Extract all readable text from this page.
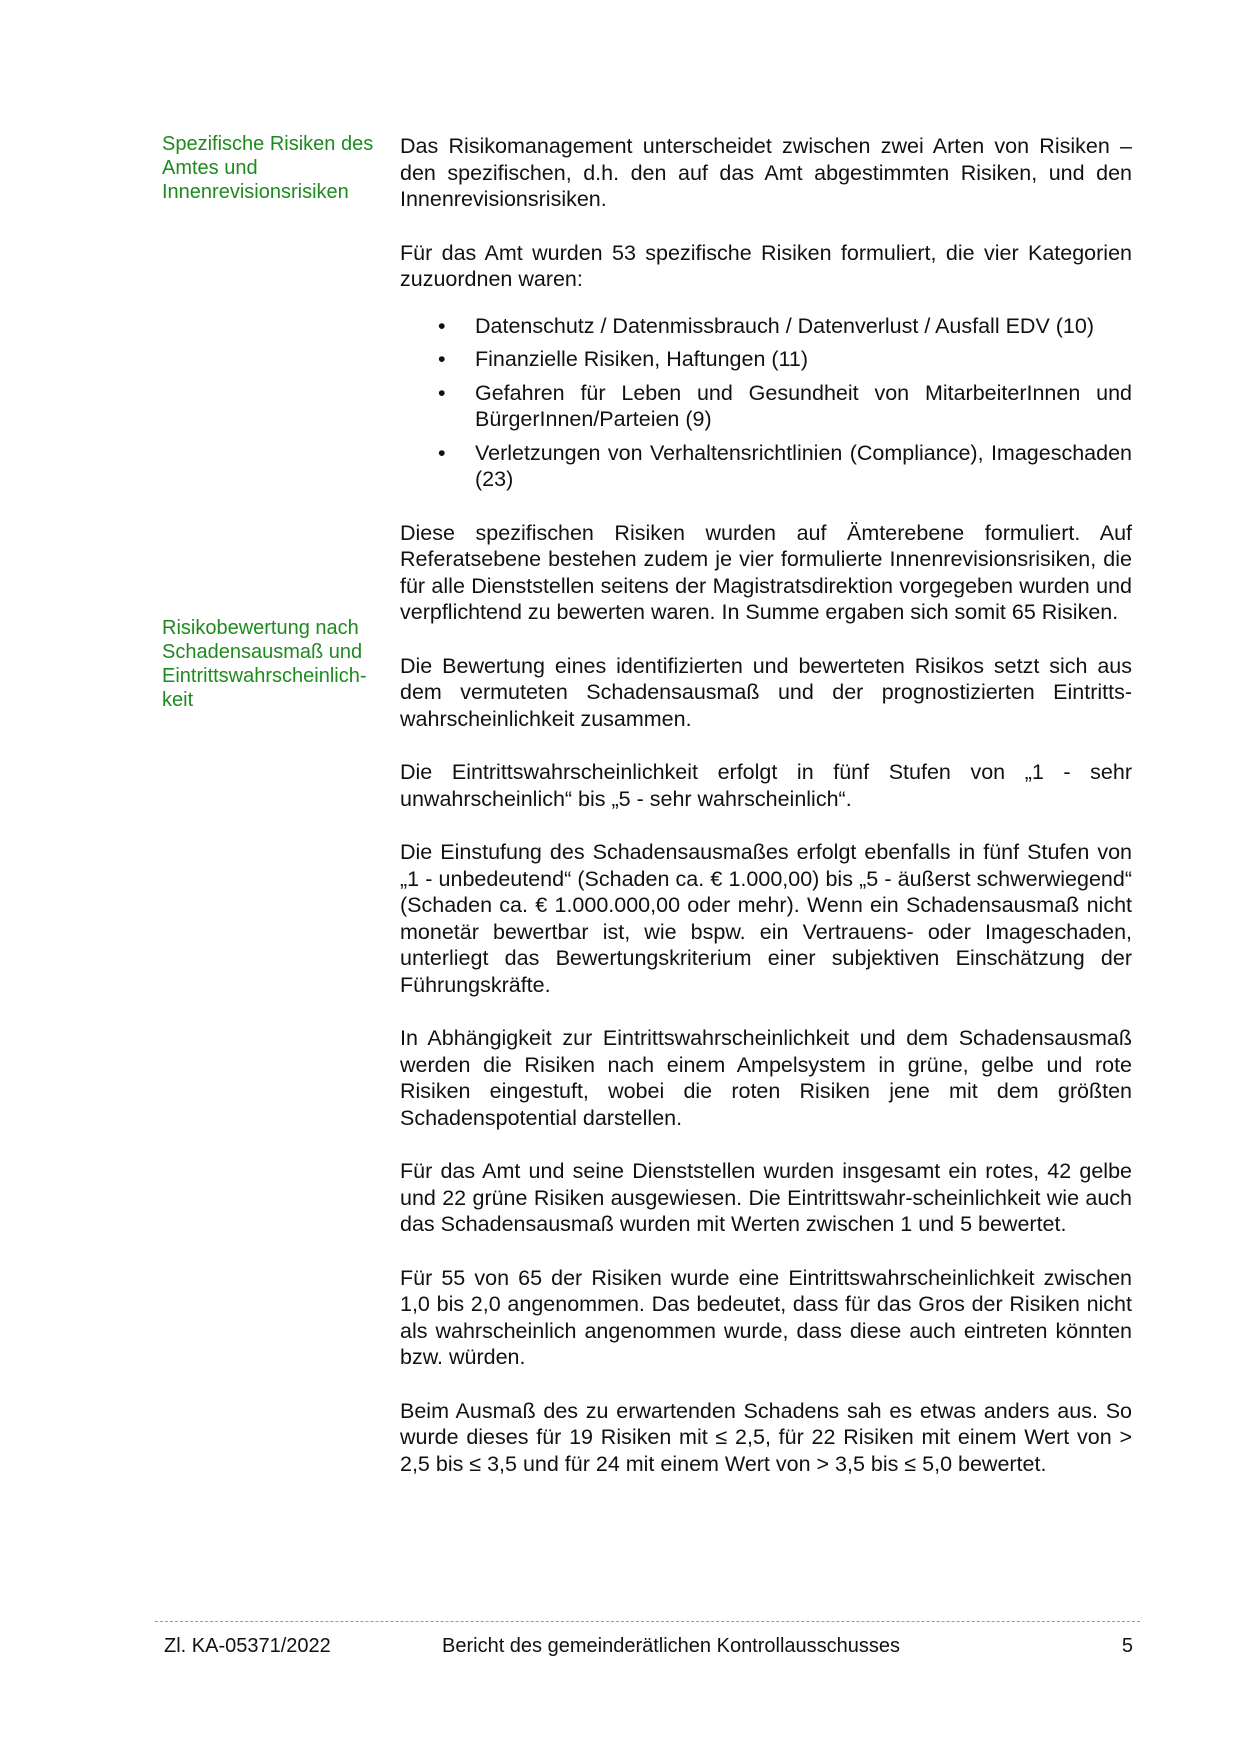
Spezifische Risiken des Amtes und Innenrevisionsrisiken
Risikobewertung nach Schadensausmaß und Eintrittswahrscheinlich-keit

Das Risikomanagement unterscheidet zwischen zwei Arten von Risiken – den spezifischen, d.h. den auf das Amt abgestimmten Risiken, und den Innenrevisionsrisiken.

Für das Amt wurden 53 spezifische Risiken formuliert, die vier Kategorien zuzuordnen waren:

• Datenschutz / Datenmissbrauch / Datenverlust / Ausfall EDV (10)
• Finanzielle Risiken, Haftungen (11)
• Gefahren für Leben und Gesundheit von MitarbeiterInnen und BürgerInnen/Parteien (9)
• Verletzungen von Verhaltensrichtlinien (Compliance), Imageschaden (23)

Diese spezifischen Risiken wurden auf Ämterebene formuliert. Auf Referatsebene bestehen zudem je vier formulierte Innenrevisionsrisiken, die für alle Dienststellen seitens der Magistratsdirektion vorgegeben wurden und verpflichtend zu bewerten waren. In Summe ergaben sich somit 65 Risiken.

Die Bewertung eines identifizierten und bewerteten Risikos setzt sich aus dem vermuteten Schadensausmaß und der prognostizierten Eintritts-wahrscheinlichkeit zusammen.

Die Eintrittswahrscheinlichkeit erfolgt in fünf Stufen von „1 - sehr unwahrscheinlich“ bis „5 - sehr wahrscheinlich“.

Die Einstufung des Schadensausmaßes erfolgt ebenfalls in fünf Stufen von „1 - unbedeutend“ (Schaden ca. € 1.000,00) bis „5 - äußerst schwerwiegend“ (Schaden ca. € 1.000.000,00 oder mehr). Wenn ein Schadensausmaß nicht monetär bewertbar ist, wie bspw. ein Vertrauens- oder Imageschaden, unterliegt das Bewertungskriterium einer subjektiven Einschätzung der Führungskräfte.

In Abhängigkeit zur Eintrittswahrscheinlichkeit und dem Schadensausmaß werden die Risiken nach einem Ampelsystem in grüne, gelbe und rote Risiken eingestuft, wobei die roten Risiken jene mit dem größten Schadenspotential darstellen.

Für das Amt und seine Dienststellen wurden insgesamt ein rotes, 42 gelbe und 22 grüne Risiken ausgewiesen. Die Eintrittswahr-scheinlichkeit wie auch das Schadensausmaß wurden mit Werten zwischen 1 und 5 bewertet.

Für 55 von 65 der Risiken wurde eine Eintrittswahrscheinlichkeit zwischen 1,0 bis 2,0 angenommen. Das bedeutet, dass für das Gros der Risiken nicht als wahrscheinlich angenommen wurde, dass diese auch eintreten könnten bzw. würden.

Beim Ausmaß des zu erwartenden Schadens sah es etwas anders aus. So wurde dieses für 19 Risiken mit ≤ 2,5, für 22 Risiken mit einem Wert von > 2,5 bis ≤ 3,5 und für 24 mit einem Wert von > 3,5 bis ≤ 5,0 bewertet.

Zl. KA-05371/2022	Bericht des gemeinderätlichen Kontrollausschusses	5
